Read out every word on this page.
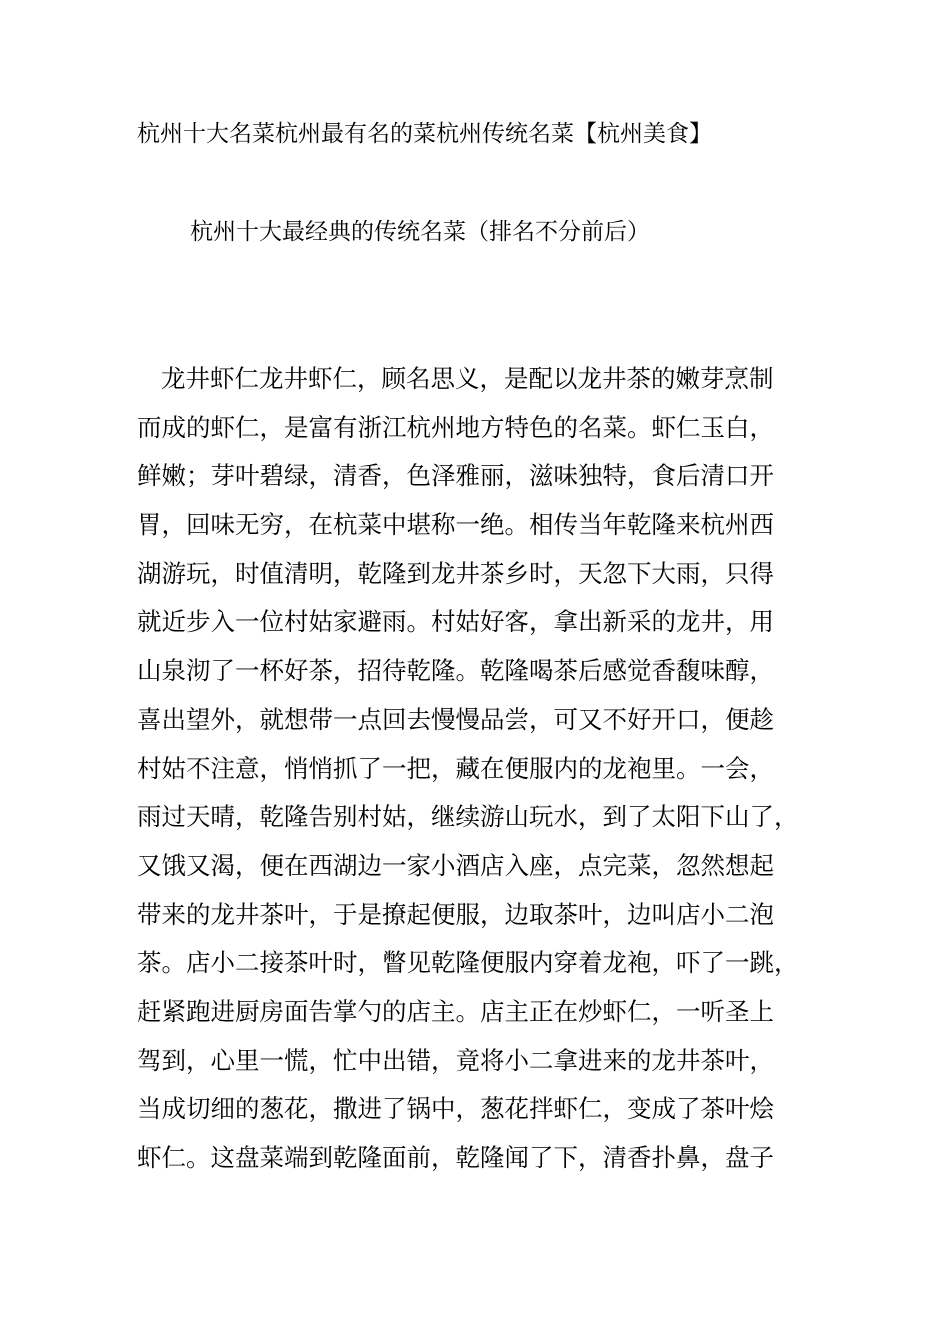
杭州十大名菜杭州最有名的菜杭州传统名菜【杭州美食】
杭州十大最经典的传统名菜（排名不分前后）
龙井虾仁龙井虾仁，顾名思义，是配以龙井茶的嫩芽烹制
而成的虾仁，是富有浙江杭州地方特色的名菜。虾仁玉白，
鲜嫩；芽叶碧绿，清香，色泽雅丽，滋味独特，食后清口开
胃，回味无穷，在杭菜中堪称一绝。相传当年乾隆来杭州西
湖游玩，时值清明，乾隆到龙井茶乡时，天忽下大雨，只得
就近步入一位村姑家避雨。村姑好客，拿出新采的龙井，用
山泉沏了一杯好茶，招待乾隆。乾隆喝茶后感觉香馥味醇，
喜出望外，就想带一点回去慢慢品尝，可又不好开口，便趁
村姑不注意，悄悄抓了一把，藏在便服内的龙袍里。一会，
雨过天晴，乾隆告别村姑，继续游山玩水，到了太阳下山了，
又饿又渴，便在西湖边一家小酒店入座，点完菜，忽然想起
带来的龙井茶叶，于是撩起便服，边取茶叶，边叫店小二泡
茶。店小二接茶叶时，瞥见乾隆便服内穿着龙袍，吓了一跳，
赶紧跑进厨房面告掌勺的店主。店主正在炒虾仁，一听圣上
驾到，心里一慌，忙中出错，竟将小二拿进来的龙井茶叶，
当成切细的葱花，撒进了锅中，葱花拌虾仁，变成了茶叶烩
虾仁。这盘菜端到乾隆面前，乾隆闻了下，清香扑鼻，盘子
